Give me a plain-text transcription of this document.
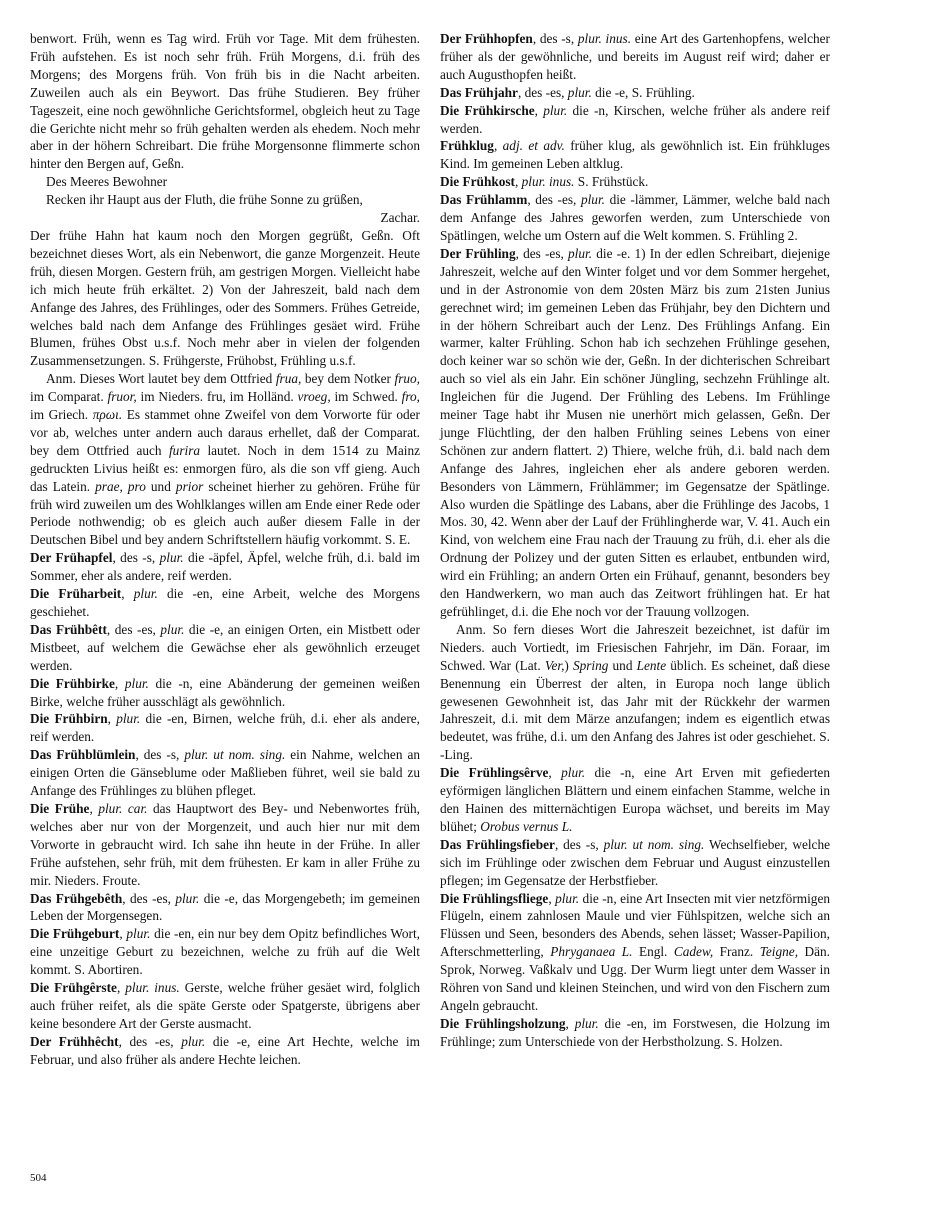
benwort. Früh, wenn es Tag wird. Früh vor Tage. Mit dem frühesten. Früh aufstehen. Es ist noch sehr früh. Früh Morgens, d.i. früh des Morgens; des Morgens früh. Von früh bis in die Nacht arbeiten. Zuweilen auch als ein Beywort. Das frühe Studieren. Bey früher Tageszeit, eine noch gewöhnliche Gerichtsformel, obgleich heut zu Tage die Gerichte nicht mehr so früh gehalten werden als ehedem. Noch mehr aber in der höhern Schreibart. Die frühe Morgensonne flimmerte schon hinter den Bergen auf, Geßn.

Des Meeres Bewohner

Recken ihr Haupt aus der Fluth, die frühe Sonne zu grüßen,

Zachar.

Der frühe Hahn hat kaum noch den Morgen gegrüßt, Geßn. Oft bezeichnet dieses Wort, als ein Nebenwort, die ganze Morgenzeit. Heute früh, diesen Morgen. Gestern früh, am gestrigen Morgen. Vielleicht habe ich mich heute früh erkältet. 2) Von der Jahreszeit, bald nach dem Anfange des Jahres, des Frühlinges, oder des Sommers. Frühes Getreide, welches bald nach dem Anfange des Frühlinges gesäet wird. Frühe Blumen, frühes Obst u.s.f. Noch mehr aber in vielen der folgenden Zusammensetzungen. S. Frühgerste, Frühobst, Frühling u.s.f.

Anm. Dieses Wort lautet bey dem Ottfried frua, bey dem Notker fruo, im Comparat. fruor, im Nieders. fru, im Holländ. vroeg, im Schwed. fro, im Griech. πρωι. Es stammet ohne Zweifel von dem Vorworte für oder vor ab, welches unter andern auch daraus erhellet, daß der Comparat. bey dem Ottfried auch furira lautet. Noch in dem 1514 zu Mainz gedruckten Livius heißt es: enmorgen füro, als die son vff gieng. Auch das Latein. prae, pro und prior scheinet hierher zu gehören. Frühe für früh wird zuweilen um des Wohlklanges willen am Ende einer Rede oder Periode nothwendig; ob es gleich auch außer diesem Falle in der Deutschen Bibel und bey andern Schriftstellern häufig vorkommt. S. E.

Der Frühapfel, des -s, plur. die -äpfel, Äpfel, welche früh, d.i. bald im Sommer, eher als andere, reif werden.

Die Früharbeit, plur. die -en, eine Arbeit, welche des Morgens geschiehet.

Das Frühbêtt, des -es, plur. die -e, an einigen Orten, ein Mistbett oder Mistbeet, auf welchem die Gewächse eher als gewöhnlich erzeuget werden.

Die Frühbirke, plur. die -n, eine Abänderung der gemeinen weißen Birke, welche früher ausschlägt als gewöhnlich.

Die Frühbirn, plur. die -en, Birnen, welche früh, d.i. eher als andere, reif werden.

Das Frühblümlein, des -s, plur. ut nom. sing. ein Nahme, welchen an einigen Orten die Gänseblume oder Maßlieben führet, weil sie bald zu Anfange des Frühlinges zu blühen pfleget.

Die Frühe, plur. car. das Hauptwort des Bey- und Nebenwortes früh, welches aber nur von der Morgenzeit, und auch hier nur mit dem Vorworte in gebraucht wird. Ich sahe ihn heute in der Frühe. In aller Frühe aufstehen, sehr früh, mit dem frühesten. Er kam in aller Frühe zu mir. Nieders. Froute.

Das Frühgebêth, des -es, plur. die -e, das Morgengebeth; im gemeinen Leben der Morgensegen.

Die Frühgeburt, plur. die -en, ein nur bey dem Opitz befindliches Wort, eine unzeitige Geburt zu bezeichnen, welche zu früh auf die Welt kommt. S. Abortiren.

Die Frühgêrste, plur. inus. Gerste, welche früher gesäet wird, folglich auch früher reifet, als die späte Gerste oder Spatgerste, übrigens aber keine besondere Art der Gerste ausmacht.

Der Frühhêcht, des -es, plur. die -e, eine Art Hechte, welche im Februar, und also früher als andere Hechte leichen.

Der Frühhopfen, des -s, plur. inus. eine Art des Gartenhopfens, welcher früher als der gewöhnliche, und bereits im August reif wird; daher er auch Augusthopfen heißt.

Das Frühjahr, des -es, plur. die -e, S. Frühling.

Die Frühkirsche, plur. die -n, Kirschen, welche früher als andere reif werden.

Frühklug, adj. et adv. früher klug, als gewöhnlich ist. Ein frühkluges Kind. Im gemeinen Leben altklug.

Die Frühkost, plur. inus. S. Frühstück.

Das Frühlamm, des -es, plur. die -lämmer, Lämmer, welche bald nach dem Anfange des Jahres geworfen werden, zum Unterschiede von Spätlingen, welche um Ostern auf die Welt kommen. S. Frühling 2.

Der Frühling, des -es, plur. die -e. 1) In der edlen Schreibart, diejenige Jahreszeit, welche auf den Winter folget und vor dem Sommer hergehet, und in der Astronomie von dem 20sten März bis zum 21sten Junius gerechnet wird; im gemeinen Leben das Frühjahr, bey den Dichtern und in der höhern Schreibart auch der Lenz. Des Frühlings Anfang. Ein warmer, kalter Frühling. Schon hab ich sechzehen Frühlinge gesehen, doch keiner war so schön wie der, Geßn. In der dichterischen Schreibart auch so viel als ein Jahr. Ein schöner Jüngling, sechzehn Frühlinge alt. Ingleichen für die Jugend. Der Frühling des Lebens. Im Frühlinge meiner Tage habt ihr Musen nie unerhört mich gelassen, Geßn. Der junge Flüchtling, der den halben Frühling seines Lebens von einer Schönen zur andern flattert. 2) Thiere, welche früh, d.i. bald nach dem Anfange des Jahres, ingleichen eher als andere geboren werden. Besonders von Lämmern, Frühlämmer; im Gegensatze der Spätlinge. Also wurden die Spätlinge des Labans, aber die Frühlinge des Jacobs, 1 Mos. 30, 42. Wenn aber der Lauf der Frühlingherde war, V. 41. Auch ein Kind, von welchem eine Frau nach der Trauung zu früh, d.i. eher als die Ordnung der Polizey und der guten Sitten es erlaubet, entbunden wird, wird ein Frühling; an andern Orten ein Frühauf, genannt, besonders bey den Handwerkern, wo man auch das Zeitwort frühlingen hat. Er hat gefrühlinget, d.i. die Ehe noch vor der Trauung vollzogen.

Anm. So fern dieses Wort die Jahreszeit bezeichnet, ist dafür im Nieders. auch Vortiedt, im Friesischen Fahrjehr, im Dän. Foraar, im Schwed. War (Lat. Ver,) Spring und Lente üblich. Es scheinet, daß diese Benennung ein Überrest der alten, in Europa noch lange üblich gewesenen Gewohnheit ist, das Jahr mit der Rückkehr der warmen Jahreszeit, d.i. mit dem Märze anzufangen; indem es eigentlich etwas bedeutet, was frühe, d.i. um den Anfang des Jahres ist oder geschiehet. S. -Ling.

Die Frühlingsêrve, plur. die -n, eine Art Erven mit gefiederten eyförmigen länglichen Blättern und einem einfachen Stamme, welche in den Hainen des mitternächtigen Europa wächset, und bereits im May blühet; Orobus vernus L.

Das Frühlingsfieber, des -s, plur. ut nom. sing. Wechselfieber, welche sich im Frühlinge oder zwischen dem Februar und August einzustellen pflegen; im Gegensatze der Herbstfieber.

Die Frühlingsfliege, plur. die -n, eine Art Insecten mit vier netzförmigen Flügeln, einem zahnlosen Maule und vier Fühlspitzen, welche sich an Flüssen und Seen, besonders des Abends, sehen lässet; Wasser-Papilion, Afterschmetterling, Phryganaea L. Engl. Cadew, Franz. Teigne, Dän. Sprok, Norweg. Vaßkalv und Ugg. Der Wurm liegt unter dem Wasser in Röhren von Sand und kleinen Steinchen, und wird von den Fischern zum Angeln gebraucht.

Die Frühlingsholzung, plur. die -en, im Forstwesen, die Holzung im Frühlinge; zum Unterschiede von der Herbstholzung. S. Holzen.

504
